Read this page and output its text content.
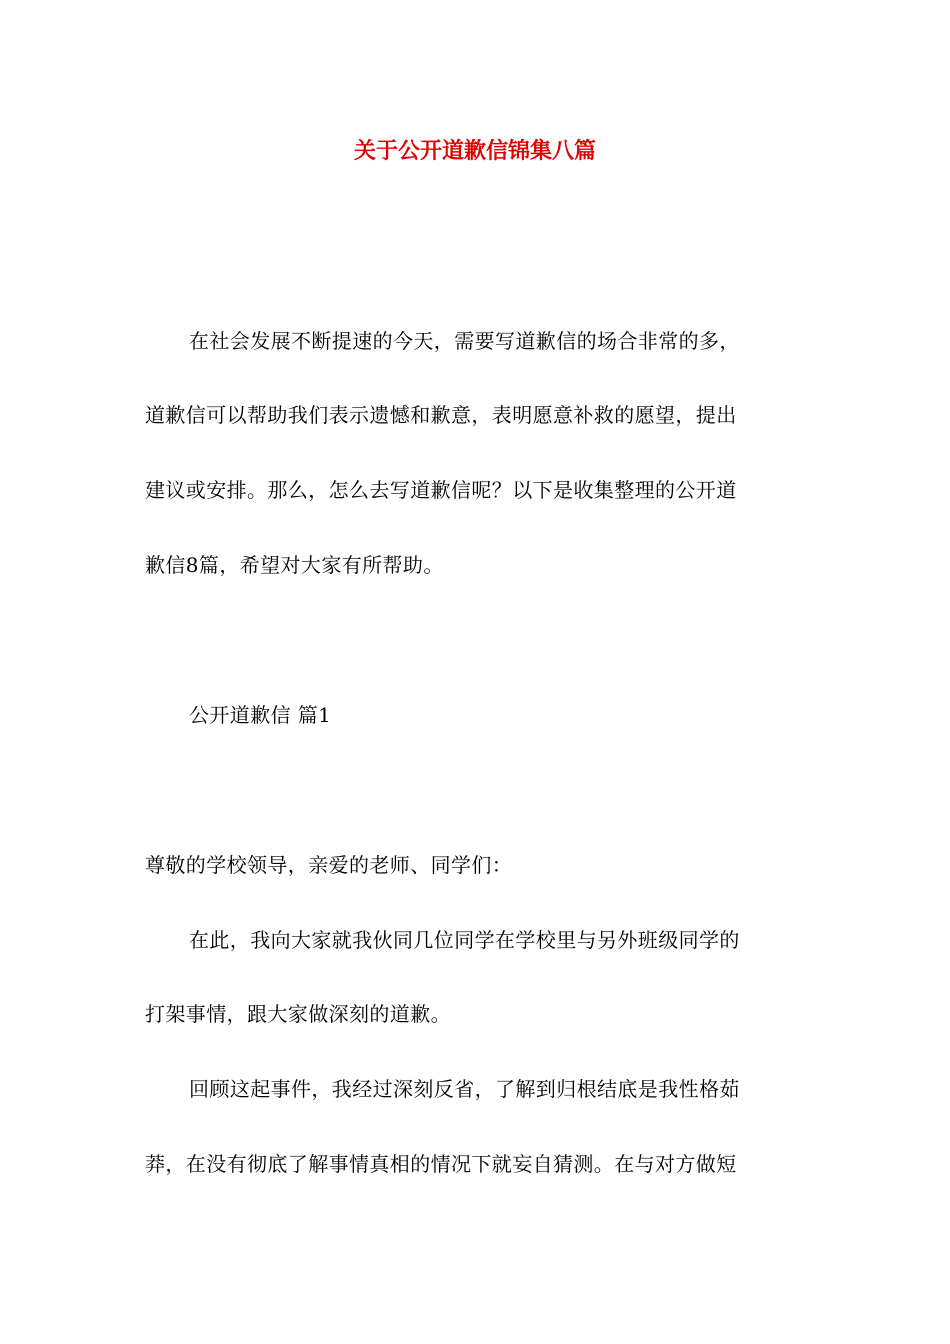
关于公开道歉信锦集八篇
在社会发展不断提速的今天，需要写道歉信的场合非常的多，
道歉信可以帮助我们表示遗憾和歉意，表明愿意补救的愿望，提出
建议或安排。那么，怎么去写道歉信呢？以下是收集整理的公开道
歉信8篇，希望对大家有所帮助。
公开道歉信 篇1
尊敬的学校领导，亲爱的老师、同学们：
在此，我向大家就我伙同几位同学在学校里与另外班级同学的
打架事情，跟大家做深刻的道歉。
回顾这起事件，我经过深刻反省，了解到归根结底是我性格茹
莽，在没有彻底了解事情真相的情况下就妄自猜测。在与对方做短
